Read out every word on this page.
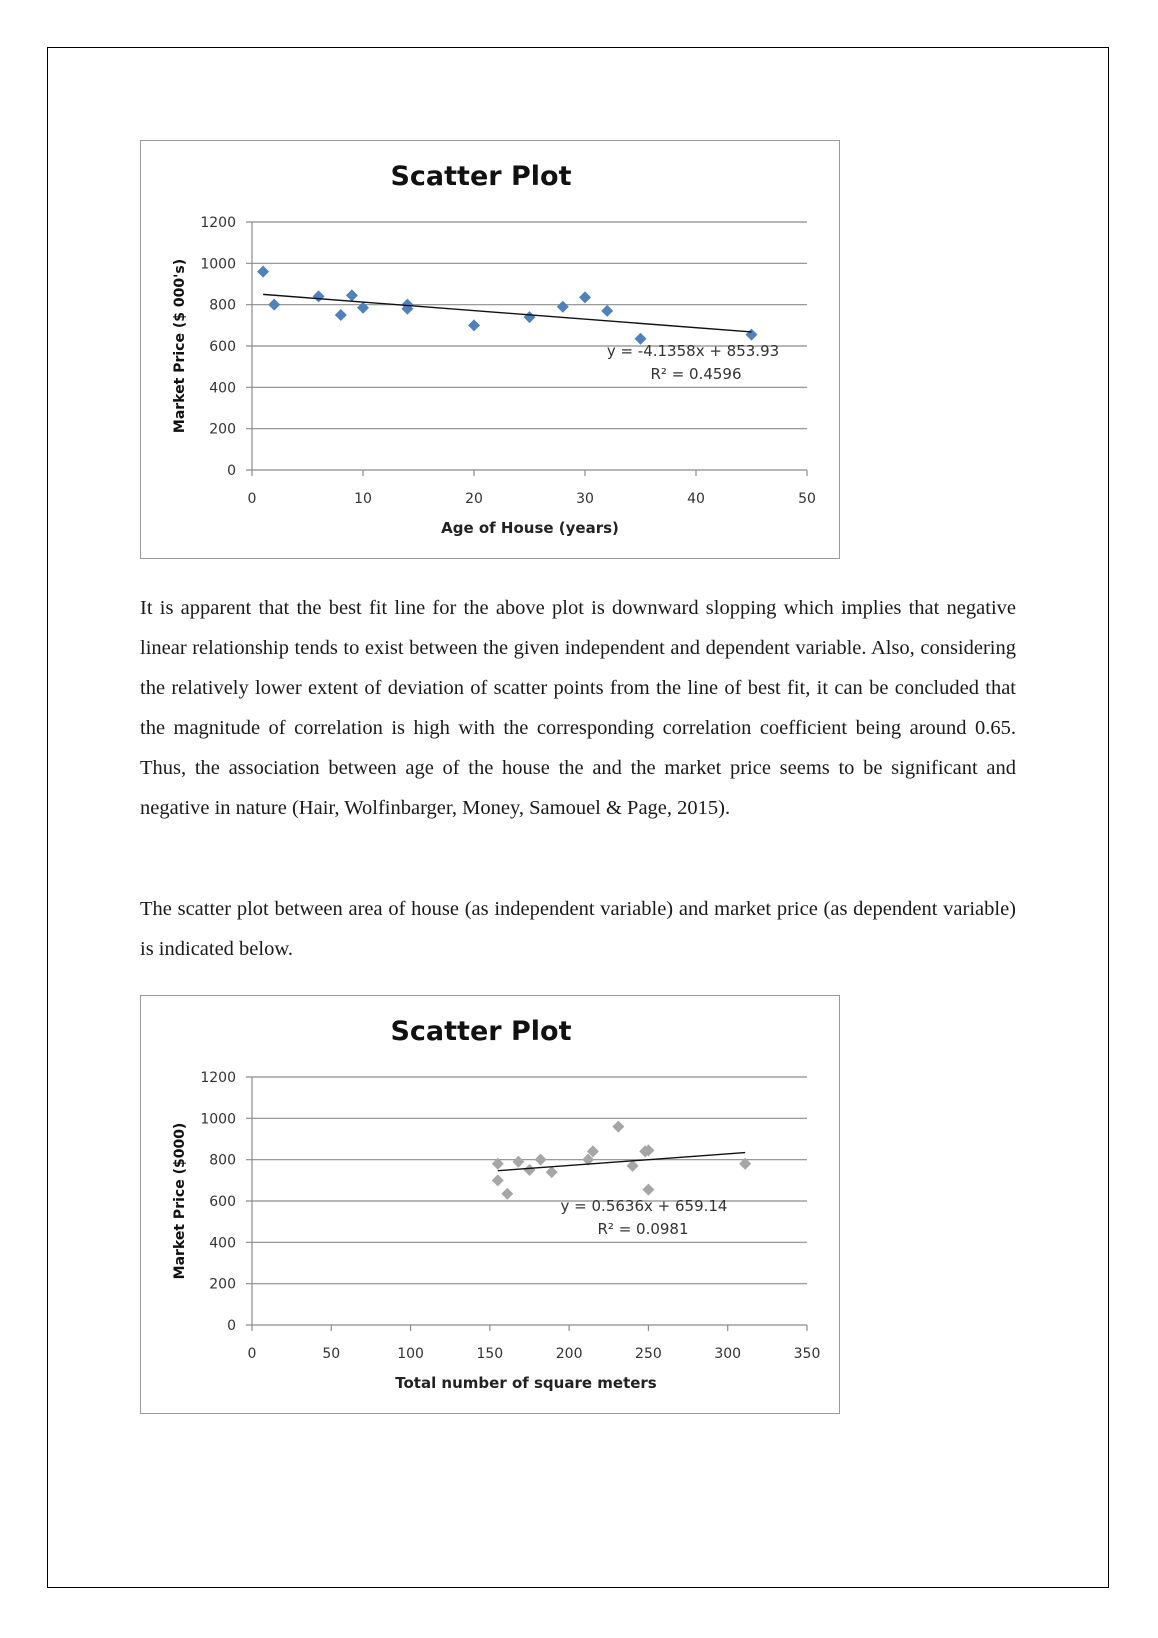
Scatter Plot
0
200
400
600
800
1000
1200
0	10	20	30	40	50
y = -4.1358x + 853.93
R² = 0.4596
Age of House (years)
Market Price ($ 000's)

It is apparent that the best fit line for the above plot is downward slopping which implies that negative linear relationship tends to exist between the given independent and dependent variable. Also, considering the relatively lower extent of deviation of scatter points from the line of best fit, it can be concluded that the magnitude of correlation is high with the corresponding correlation coefficient being around 0.65. Thus, the association between age of the house the and the market price seems to be significant and negative in nature (Hair, Wolfinbarger, Money, Samouel & Page, 2015).

The scatter plot between area of house (as independent variable) and market price (as dependent variable) is indicated below.

Scatter Plot
0
200
400
600
800
1000
1200
0	50	100	150	200	250	300	350
y = 0.5636x + 659.14
R² = 0.0981
Total number of square meters
Market Price ($000)
